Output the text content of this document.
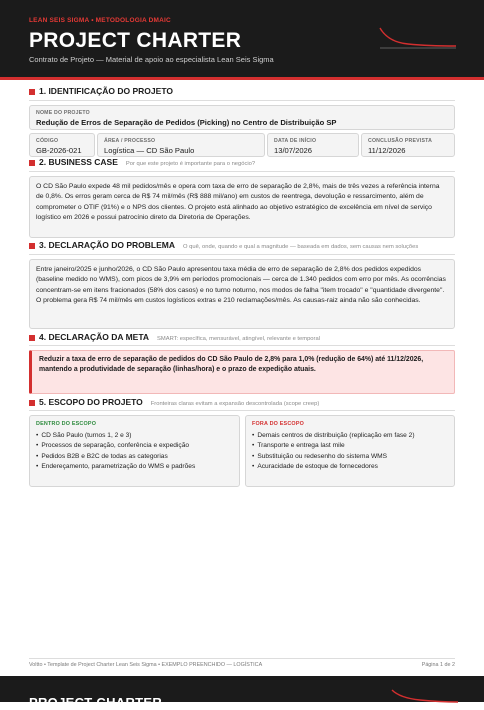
LEAN SEIS SIGMA • METODOLOGIA DMAIC
PROJECT CHARTER
Contrato de Projeto — Material de apoio ao especialista Lean Seis Sigma
1. IDENTIFICAÇÃO DO PROJETO
NOME DO PROJETO
Redução de Erros de Separação de Pedidos (Picking) no Centro de Distribuição SP
CÓDIGO
GB-2026-021
ÁREA / PROCESSO
Logística — CD São Paulo
DATA DE INÍCIO
13/07/2026
CONCLUSÃO PREVISTA
11/12/2026
2. BUSINESS CASE Por que este projeto é importante para o negócio?
O CD São Paulo expede 48 mil pedidos/mês e opera com taxa de erro de separação de 2,8%, mais de três vezes a referência interna de 0,8%. Os erros geram cerca de R$ 74 mil/mês (R$ 888 mil/ano) em custos de reentrega, devolução e ressarcimento, além de comprometer o OTIF (91%) e o NPS dos clientes. O projeto está alinhado ao objetivo estratégico de excelência em nível de serviço logístico em 2026 e possui patrocínio direto da Diretoria de Operações.
3. DECLARAÇÃO DO PROBLEMA O quê, onde, quando e qual a magnitude — baseada em dados, sem causas nem soluções
Entre janeiro/2025 e junho/2026, o CD São Paulo apresentou taxa média de erro de separação de 2,8% dos pedidos expedidos (baseline medido no WMS), com picos de 3,9% em períodos promocionais — cerca de 1.340 pedidos com erro por mês. As ocorrências concentram-se em itens fracionados (58% dos casos) e no turno noturno, nos modos de falha "item trocado" e "quantidade divergente". O problema gera R$ 74 mil/mês em custos logísticos extras e 210 reclamações/mês. As causas-raiz ainda não são conhecidas.
4. DECLARAÇÃO DA META SMART: específica, mensurável, atingível, relevante e temporal
Reduzir a taxa de erro de separação de pedidos do CD São Paulo de 2,8% para 1,0% (redução de 64%) até 11/12/2026, mantendo a produtividade de separação (linhas/hora) e o prazo de expedição atuais.
5. ESCOPO DO PROJETO Fronteiras claras evitam a expansão descontrolada (scope creep)
DENTRO DO ESCOPO
• CD São Paulo (turnos 1, 2 e 3)
• Processos de separação, conferência e expedição
• Pedidos B2B e B2C de todas as categorias
• Endereçamento, parametrização do WMS e padrões
FORA DO ESCOPO
• Demais centros de distribuição (replicação em fase 2)
• Transporte e entrega last mile
• Substituição ou redesenho do sistema WMS
• Acuracidade de estoque de fornecedores
Voltto • Template de Project Charter Lean Seis Sigma • EXEMPLO PREENCHIDO — LOGÍSTICA	Página 1 de 2
PROJECT CHARTER
